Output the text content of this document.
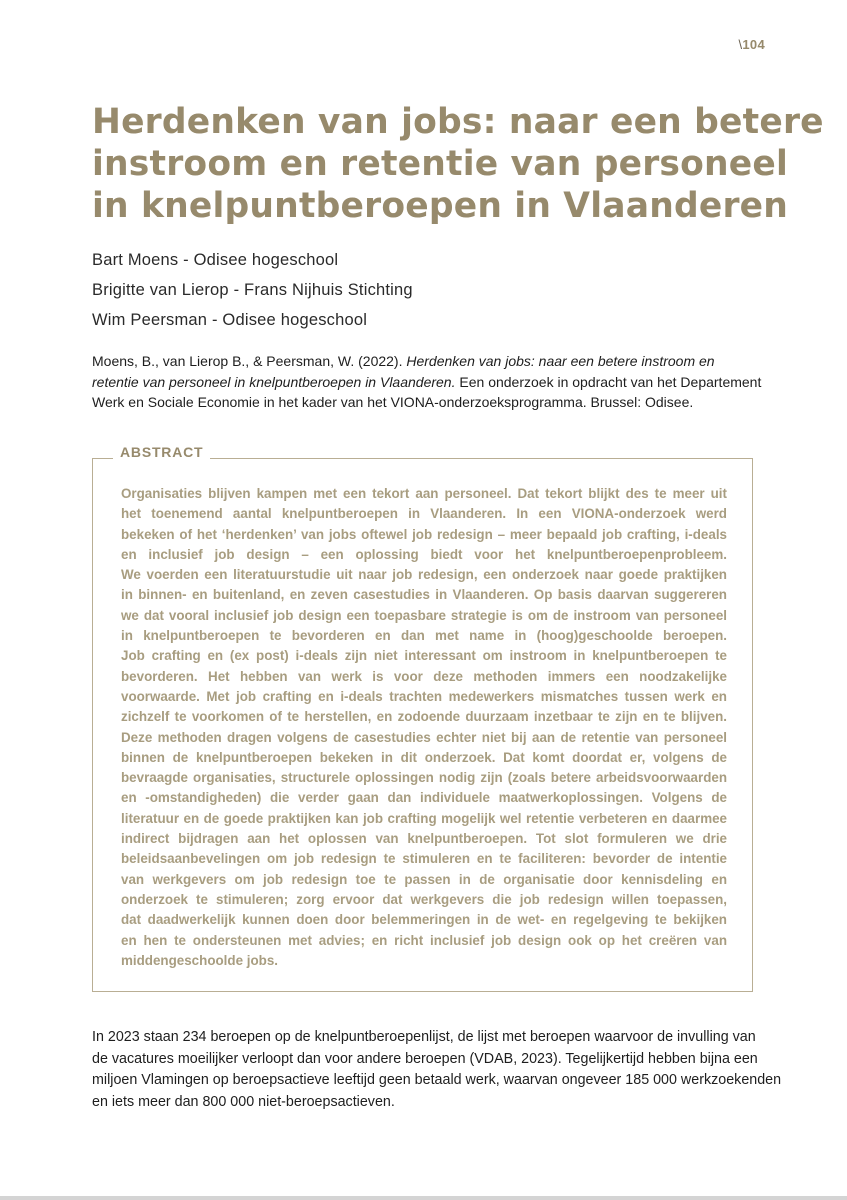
\104
Herdenken van jobs: naar een betere
instroom en retentie van personeel
in knelpuntberoepen in Vlaanderen
Bart Moens - Odisee hogeschool
Brigitte van Lierop - Frans Nijhuis Stichting
Wim Peersman - Odisee hogeschool
Moens, B., van Lierop B., & Peersman, W. (2022). Herdenken van jobs: naar een betere instroom en
retentie van personeel in knelpuntberoepen in Vlaanderen. Een onderzoek in opdracht van het Departement
Werk en Sociale Economie in het kader van het VIONA-onderzoeksprogramma. Brussel: Odisee.
ABSTRACT
Organisaties blijven kampen met een tekort aan personeel. Dat tekort blijkt des te meer uit
het toenemend aantal knelpuntberoepen in Vlaanderen. In een VIONA-onderzoek werd
bekeken of het ‘herdenken’ van jobs oftewel job redesign – meer bepaald job crafting, i-deals
en inclusief job design – een oplossing biedt voor het knelpuntberoepenprobleem.
We voerden een literatuurstudie uit naar job redesign, een onderzoek naar goede praktijken
in binnen- en buitenland, en zeven casestudies in Vlaanderen. Op basis daarvan suggereren
we dat vooral inclusief job design een toepasbare strategie is om de instroom van personeel
in knelpuntberoepen te bevorderen en dan met name in (hoog)geschoolde beroepen.
Job crafting en (ex post) i-deals zijn niet interessant om instroom in knelpuntberoepen te
bevorderen. Het hebben van werk is voor deze methoden immers een noodzakelijke
voorwaarde. Met job crafting en i-deals trachten medewerkers mismatches tussen werk en
zichzelf te voorkomen of te herstellen, en zodoende duurzaam inzetbaar te zijn en te blijven.
Deze methoden dragen volgens de casestudies echter niet bij aan de retentie van personeel
binnen de knelpuntberoepen bekeken in dit onderzoek. Dat komt doordat er, volgens de
bevraagde organisaties, structurele oplossingen nodig zijn (zoals betere arbeidsvoorwaarden
en -omstandigheden) die verder gaan dan individuele maatwerkoplossingen. Volgens de
literatuur en de goede praktijken kan job crafting mogelijk wel retentie verbeteren en daarmee
indirect bijdragen aan het oplossen van knelpuntberoepen. Tot slot formuleren we drie
beleidsaanbevelingen om job redesign te stimuleren en te faciliteren: bevorder de intentie
van werkgevers om job redesign toe te passen in de organisatie door kennisdeling en
onderzoek te stimuleren; zorg ervoor dat werkgevers die job redesign willen toepassen,
dat daadwerkelijk kunnen doen door belemmeringen in de wet- en regelgeving te bekijken
en hen te ondersteunen met advies; en richt inclusief job design ook op het creëren van
middengeschoolde jobs.
In 2023 staan 234 beroepen op de knelpuntberoepenlijst, de lijst met beroepen waarvoor de invulling van
de vacatures moeilijker verloopt dan voor andere beroepen (VDAB, 2023). Tegelijkertijd hebben bijna een
miljoen Vlamingen op beroepsactieve leeftijd geen betaald werk, waarvan ongeveer 185 000 werkzoekenden
en iets meer dan 800 000 niet-beroepsactieven.
